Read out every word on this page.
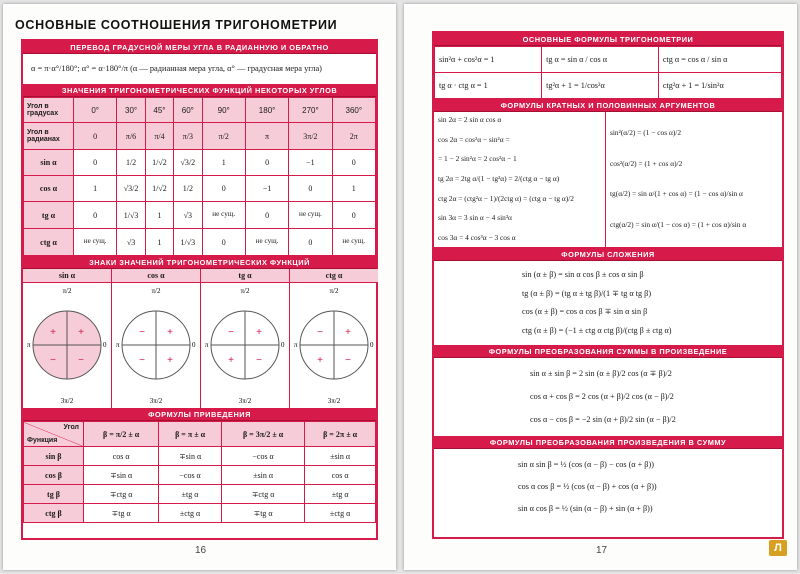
ОСНОВНЫЕ СООТНОШЕНИЯ ТРИГОНОМЕТРИИ
ПЕРЕВОД ГРАДУСНОЙ МЕРЫ УГЛА В РАДИАННУЮ И ОБРАТНО
α = π·α°/180°; α° = α·180°/π (α — радианная мера угла, α° — градусная мера угла)
ЗНАЧЕНИЯ ТРИГОНОМЕТРИЧЕСКИХ ФУНКЦИЙ НЕКОТОРЫХ УГЛОВ
Угол в градусах	0°	30°	45°	60°	90°	180°	270°	360°
Угол в радианах	0	π/6	π/4	π/3	π/2	π	3π/2	2π
sin α	0	1/2	1/√2	√3/2	1	0	−1	0
cos α	1	√3/2	1/√2	1/2	0	−1	0	1
tg α	0	1/√3	1	√3	не сущ.	0	не сущ.	0
ctg α	не сущ.	√3	1	1/√3	0	не сущ.	0	не сущ.
ЗНАКИ ЗНАЧЕНИЙ ТРИГОНОМЕТРИЧЕСКИХ ФУНКЦИЙ
sin α
π/2
3π/2
π	0
+ +
− −
cos α
π/2
3π/2
π	0
− +
− +
tg α
π/2
3π/2
π	0
− +
+ −
ctg α
π/2
3π/2
π	0
− +
+ −
ФОРМУЛЫ ПРИВЕДЕНИЯ
Угол
Функция	β = π/2 ± α	β = π ± α	β = 3π/2 ± α	β = 2π ± α
sin β	cos α	∓sin α	−cos α	±sin α
cos β	∓sin α	−cos α	±sin α	cos α
tg β	∓ctg α	±tg α	∓ctg α	±tg α
ctg β	∓tg α	±ctg α	∓tg α	±ctg α
16
ОСНОВНЫЕ ФОРМУЛЫ ТРИГОНОМЕТРИИ
sin²α + cos²α = 1	tg α = sin α / cos α	ctg α = cos α / sin α
tg α · ctg α = 1	tg²α + 1 = 1/cos²α	ctg²α + 1 = 1/sin²α
ФОРМУЛЫ КРАТНЫХ И ПОЛОВИННЫХ АРГУМЕНТОВ
sin 2α = 2 sin α cos α
cos 2α = cos²α − sin²α =
= 1 − 2 sin²α = 2 cos²α − 1
tg 2α = 2tg α/(1 − tg²α) = 2/(ctg α − tg α)
ctg 2α = (ctg²α − 1)/(2ctg α) = (ctg α − tg α)/2
sin 3α = 3 sin α − 4 sin³α
cos 3α = 4 cos³α − 3 cos α
sin²(α/2) = (1 − cos α)/2
cos²(α/2) = (1 + cos α)/2
tg(α/2) = sin α/(1 + cos α) = (1 − cos α)/sin α
ctg(α/2) = sin α/(1 − cos α) = (1 + cos α)/sin α
ФОРМУЛЫ СЛОЖЕНИЯ
sin (α ± β) = sin α cos β ± cos α sin β
tg (α ± β) = (tg α ± tg β)/(1 ∓ tg α tg β)
cos (α ± β) = cos α cos β ∓ sin α sin β
ctg (α ± β) = (−1 ± ctg α ctg β)/(ctg β ± ctg α)
ФОРМУЛЫ ПРЕОБРАЗОВАНИЯ СУММЫ В ПРОИЗВЕДЕНИЕ
sin α ± sin β = 2 sin (α ± β)/2 cos (α ∓ β)/2
cos α + cos β = 2 cos (α + β)/2 cos (α − β)/2
cos α − cos β = −2 sin (α + β)/2 sin (α − β)/2
ФОРМУЛЫ ПРЕОБРАЗОВАНИЯ ПРОИЗВЕДЕНИЯ В СУММУ
sin α sin β = ½ (cos (α − β) − cos (α + β))
cos α cos β = ½ (cos (α − β) + cos (α + β))
sin α cos β = ½ (sin (α − β) + sin (α + β))
17	Л
